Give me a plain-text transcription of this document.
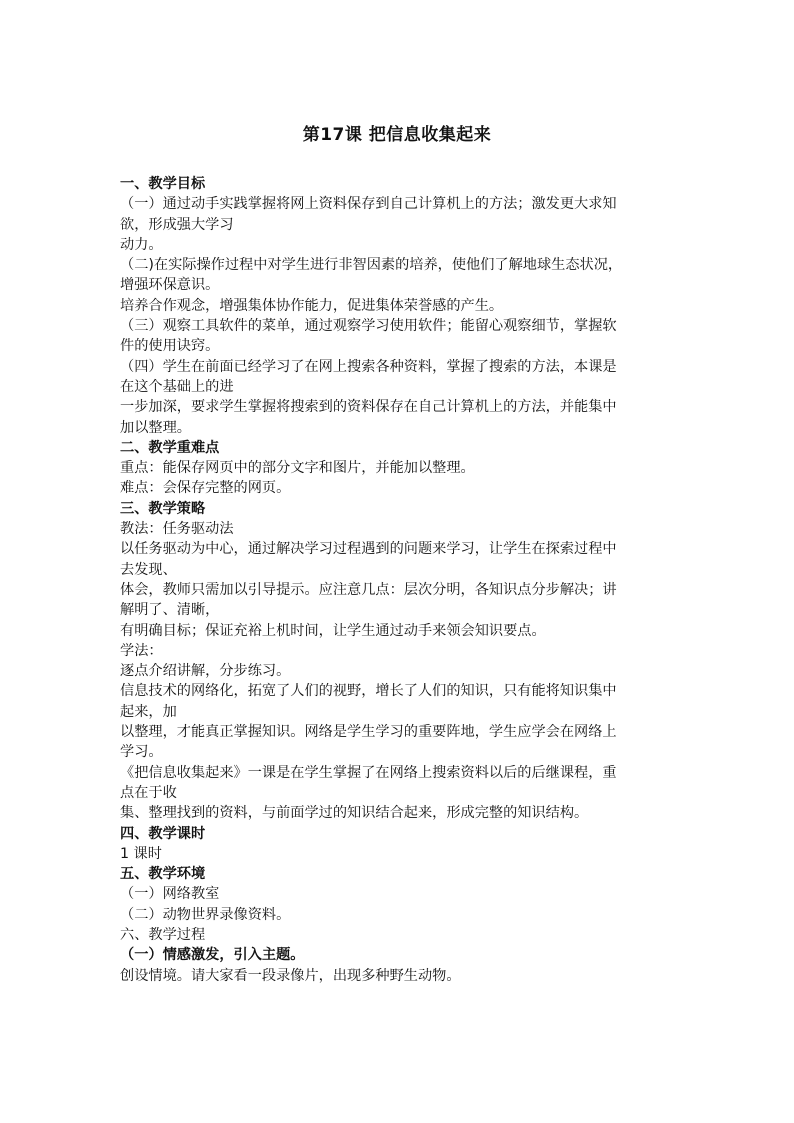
第17课 把信息收集起来
一、教学目标
（一）通过动手实践掌握将网上资料保存到自己计算机上的方法；激发更大求知
欲，形成强大学习
动力。
（二)在实际操作过程中对学生进行非智因素的培养，使他们了解地球生态状况，
增强环保意识。
培养合作观念，增强集体协作能力，促进集体荣誉感的产生。
（三）观察工具软件的菜单，通过观察学习使用软件；能留心观察细节，掌握软
件的使用诀窍。
（四）学生在前面已经学习了在网上搜索各种资料，掌握了搜索的方法，本课是
在这个基础上的进
一步加深，要求学生掌握将搜索到的资料保存在自己计算机上的方法，并能集中
加以整理。
二、教学重难点
重点：能保存网页中的部分文字和图片，并能加以整理。
难点：会保存完整的网页。
三、教学策略
教法：任务驱动法
以任务驱动为中心，通过解决学习过程遇到的问题来学习，让学生在探索过程中
去发现、
体会，教师只需加以引导提示。应注意几点：层次分明，各知识点分步解决；讲
解明了、清晰，
有明确目标；保证充裕上机时间，让学生通过动手来领会知识要点。
学法：
逐点介绍讲解，分步练习。
信息技术的网络化，拓宽了人们的视野，增长了人们的知识，只有能将知识集中
起来，加
以整理，才能真正掌握知识。网络是学生学习的重要阵地，学生应学会在网络上
学习。
《把信息收集起来》一课是在学生掌握了在网络上搜索资料以后的后继课程，重
点在于收
集、整理找到的资料，与前面学过的知识结合起来，形成完整的知识结构。
四、教学课时
1 课时
五、教学环境
（一）网络教室
（二）动物世界录像资料。
六、教学过程
（一）情感激发，引入主题。
创设情境。请大家看一段录像片，出现多种野生动物。
